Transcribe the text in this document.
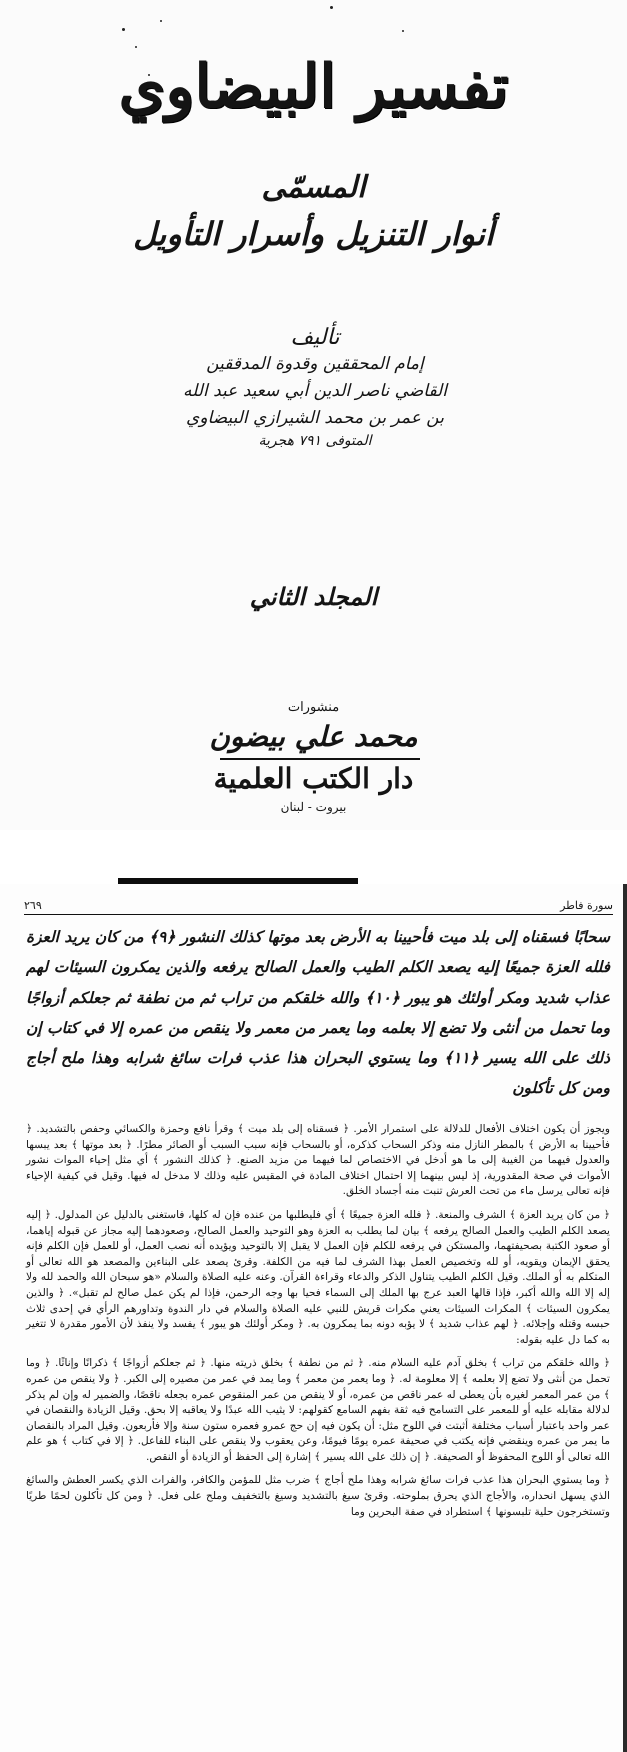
تفسير البيضاوي
المسمّى
أنوار التنزيل وأسرار التأويل
تأليف
إمام المحققين وقدوة المدققين
القاضي ناصر الدين أبي سعيد عبد الله
بن عمر بن محمد الشيرازي البيضاوي
المتوفى ٧٩١ هجرية
المجلد الثاني
منشورات
محمد علي بيضون
دار الكتب العلمية
بيروت - لبنان
سورة فاطر
٢٦٩
سحابًا فسقناه إلى بلد ميت فأحيينا به الأرض بعد موتها كذلك النشور ﴿٩﴾ من كان يريد العزة فلله العزة جميعًا إليه يصعد الكلم الطيب والعمل الصالح يرفعه والذين يمكرون السيئات لهم عذاب شديد ومكر أولئك هو يبور ﴿١٠﴾ والله خلقكم من تراب ثم من نطفة ثم جعلكم أزواجًا وما تحمل من أنثى ولا تضع إلا بعلمه وما يعمر من معمر ولا ينقص من عمره إلا في كتاب إن ذلك على الله يسير ﴿١١﴾ وما يستوي البحران هذا عذب فرات سائغ شرابه وهذا ملح أجاج ومن كل تأكلون

ويجوز أن يكون اختلاف الأفعال للدلالة على استمرار الأمر. ﴿ فسقناه إلى بلد ميت ﴾ وقرأ نافع وحمزة والكسائي وحفص بالتشديد. ﴿ فأحيينا به الأرض ﴾ بالمطر النازل منه وذكر السحاب كذكره، أو بالسحاب فإنه سبب السبب أو الصائر مطرًا. ﴿ بعد موتها ﴾ بعد يبسها والعدول فيهما من الغيبة إلى ما هو أدخل في الاختصاص لما فيهما من مزيد الصنع. ﴿ كذلك النشور ﴾ أي مثل إحياء الموات نشور الأموات في صحة المقدورية، إذ ليس بينهما إلا احتمال اختلاف المادة في المقيس عليه وذلك لا مدخل له فيها. وقيل في كيفية الإحياء فإنه تعالى يرسل ماء من تحت العرش تنبت منه أجساد الخلق.

﴿ من كان يريد العزة ﴾ الشرف والمنعة. ﴿ فلله العزة جميعًا ﴾ أي فليطلبها من عنده فإن له كلها، فاستغنى بالدليل عن المدلول. ﴿ إليه يصعد الكلم الطيب والعمل الصالح يرفعه ﴾ بيان لما يطلب به العزة وهو التوحيد والعمل الصالح، وصعودهما إليه مجاز عن قبوله إياهما، أو صعود الكتبة بصحيفتهما، والمستكن في يرفعه للكلم فإن العمل لا يقبل إلا بالتوحيد ويؤيده أنه نصب العمل، أو للعمل فإن الكلم فإنه يحقق الإيمان ويقويه، أو لله وتخصيص العمل بهذا الشرف لما فيه من الكلفة. وقرئ يصعد على البناءين والمصعد هو الله تعالى أو المتكلم به أو الملك. وقيل الكلم الطيب يتناول الذكر والدعاء وقراءة القرآن. وعنه عليه الصلاة والسلام «هو سبحان الله والحمد لله ولا إله إلا الله والله أكبر، فإذا قالها العبد عرج بها الملك إلى السماء فحيا بها وجه الرحمن، فإذا لم يكن عمل صالح لم تقبل». ﴿ والذين يمكرون السيئات ﴾ المكرات السيئات يعني مكرات قريش للنبي عليه الصلاة والسلام في دار الندوة وتداورهم الرأي في إحدى ثلاث حبسه وقتله وإجلائه. ﴿ لهم عذاب شديد ﴾ لا يؤبه دونه بما يمكرون به. ﴿ ومكر أولئك هو يبور ﴾ يفسد ولا ينفذ لأن الأمور مقدرة لا تتغير به كما دل عليه بقوله:

﴿ والله خلقكم من تراب ﴾ بخلق آدم عليه السلام منه. ﴿ ثم من نطفة ﴾ بخلق ذريته منها. ﴿ ثم جعلكم أزواجًا ﴾ ذكرانًا وإناثًا. ﴿ وما تحمل من أنثى ولا تضع إلا بعلمه ﴾ إلا معلومة له. ﴿ وما يعمر من معمر ﴾ وما يمد في عمر من مصيره إلى الكبر. ﴿ ولا ينقص من عمره ﴾ من عمر المعمر لغيره بأن يعطى له عمر ناقص من عمره، أو لا ينقص من عمر المنقوص عمره بجعله ناقصًا، والضمير له وإن لم يذكر لدلالة مقابله عليه أو للمعمر على التسامح فيه ثقة بفهم السامع كقولهم: لا يثيب الله عبدًا ولا يعاقبه إلا بحق. وقيل الزيادة والنقصان في عمر واحد باعتبار أسباب مختلفة أثبتت في اللوح مثل: أن يكون فيه إن حج عمرو فعمره ستون سنة وإلا فأربعون. وقيل المراد بالنقصان ما يمر من عمره وينقضي فإنه يكتب في صحيفة عمره يومًا فيومًا، وعن يعقوب ولا ينقص على البناء للفاعل. ﴿ إلا في كتاب ﴾ هو علم الله تعالى أو اللوح المحفوظ أو الصحيفة. ﴿ إن ذلك على الله يسير ﴾ إشارة إلى الحفظ أو الزيادة أو النقص.

﴿ وما يستوي البحران هذا عذب فرات سائغ شرابه وهذا ملح أجاج ﴾ ضرب مثل للمؤمن والكافر، والفرات الذي يكسر العطش والسائغ الذي يسهل انحداره، والأجاج الذي يحرق بملوحته. وقرئ سيغ بالتشديد وسيغ بالتخفيف وملح على فعل. ﴿ ومن كل تأكلون لحمًا طريًا وتستخرجون حلية تلبسونها ﴾ استطراد في صفة البحرين وما
